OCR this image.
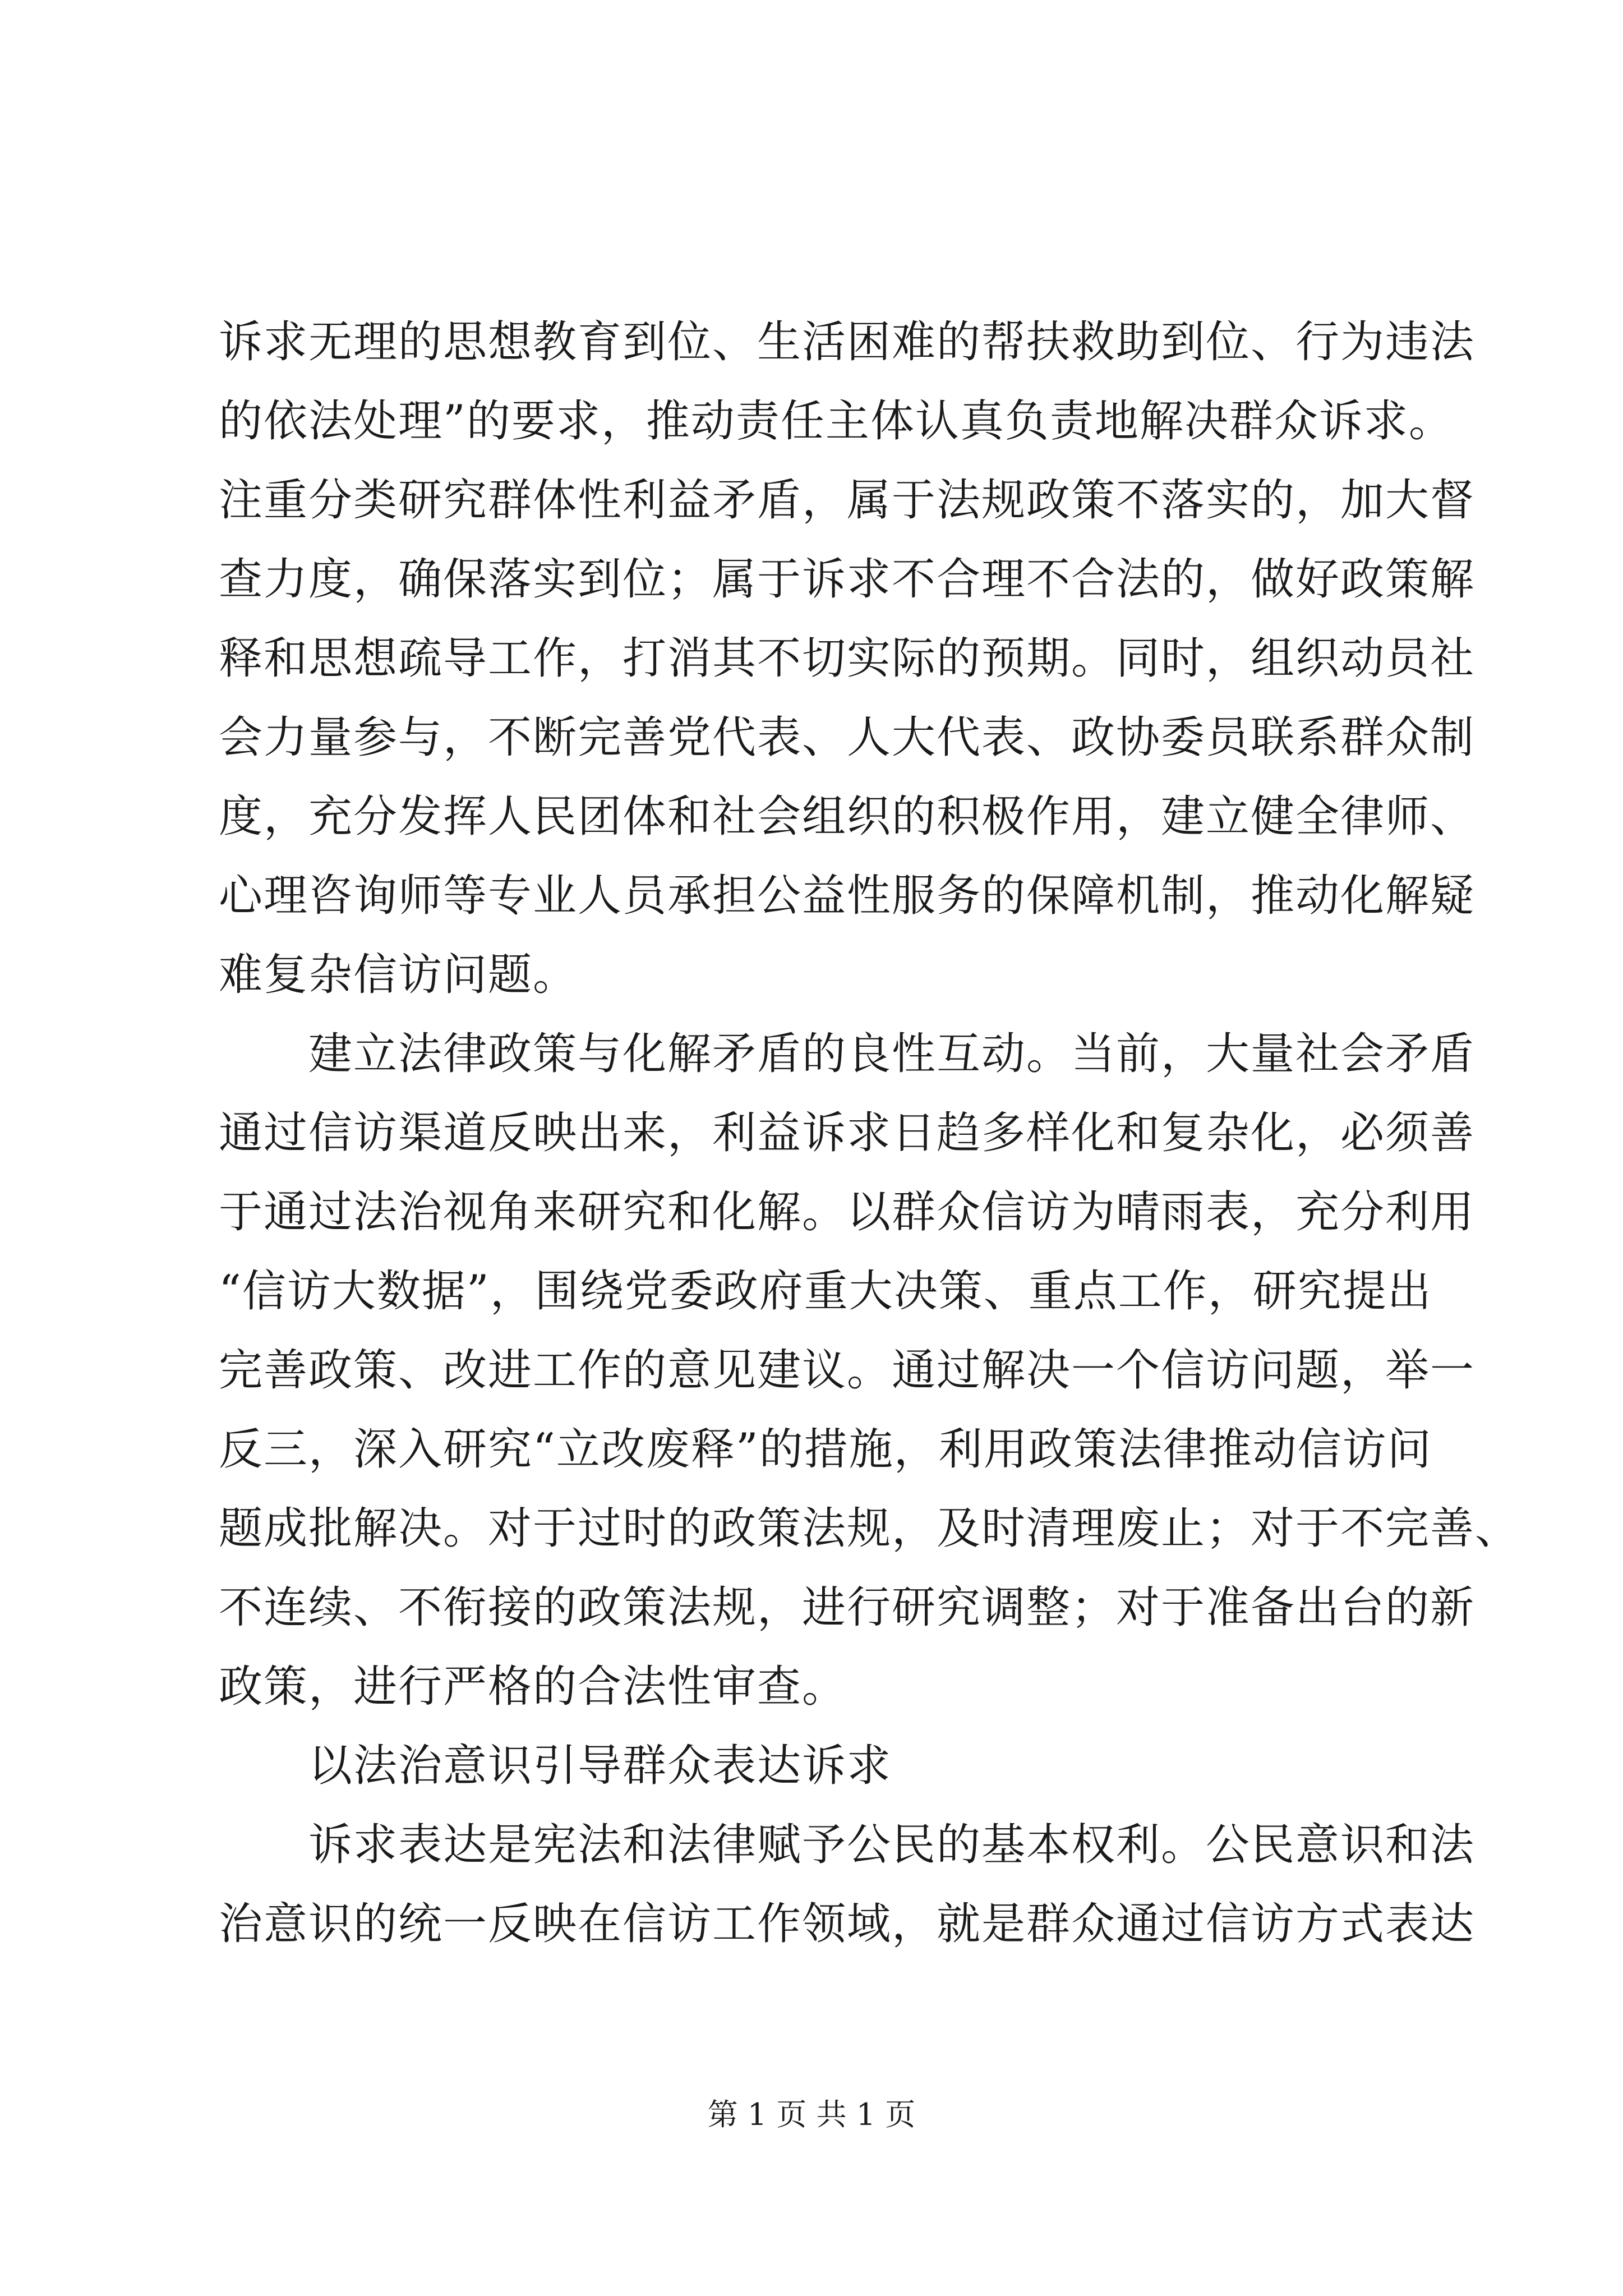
诉求无理的思想教育到位、生活困难的帮扶救助到位、行为违法
的依法处理”的要求，推动责任主体认真负责地解决群众诉求。
注重分类研究群体性利益矛盾，属于法规政策不落实的，加大督
查力度，确保落实到位；属于诉求不合理不合法的，做好政策解
释和思想疏导工作，打消其不切实际的预期。同时，组织动员社
会力量参与，不断完善党代表、人大代表、政协委员联系群众制
度，充分发挥人民团体和社会组织的积极作用，建立健全律师、
心理咨询师等专业人员承担公益性服务的保障机制，推动化解疑
难复杂信访问题。
　　建立法律政策与化解矛盾的良性互动。当前，大量社会矛盾
通过信访渠道反映出来，利益诉求日趋多样化和复杂化，必须善
于通过法治视角来研究和化解。以群众信访为晴雨表，充分利用
“信访大数据”，围绕党委政府重大决策、重点工作，研究提出
完善政策、改进工作的意见建议。通过解决一个信访问题，举一
反三，深入研究“立改废释”的措施，利用政策法律推动信访问
题成批解决。对于过时的政策法规，及时清理废止；对于不完善、
不连续、不衔接的政策法规，进行研究调整；对于准备出台的新
政策，进行严格的合法性审查。
　　以法治意识引导群众表达诉求
　　诉求表达是宪法和法律赋予公民的基本权利。公民意识和法
治意识的统一反映在信访工作领域，就是群众通过信访方式表达
第 1 页 共 1 页
